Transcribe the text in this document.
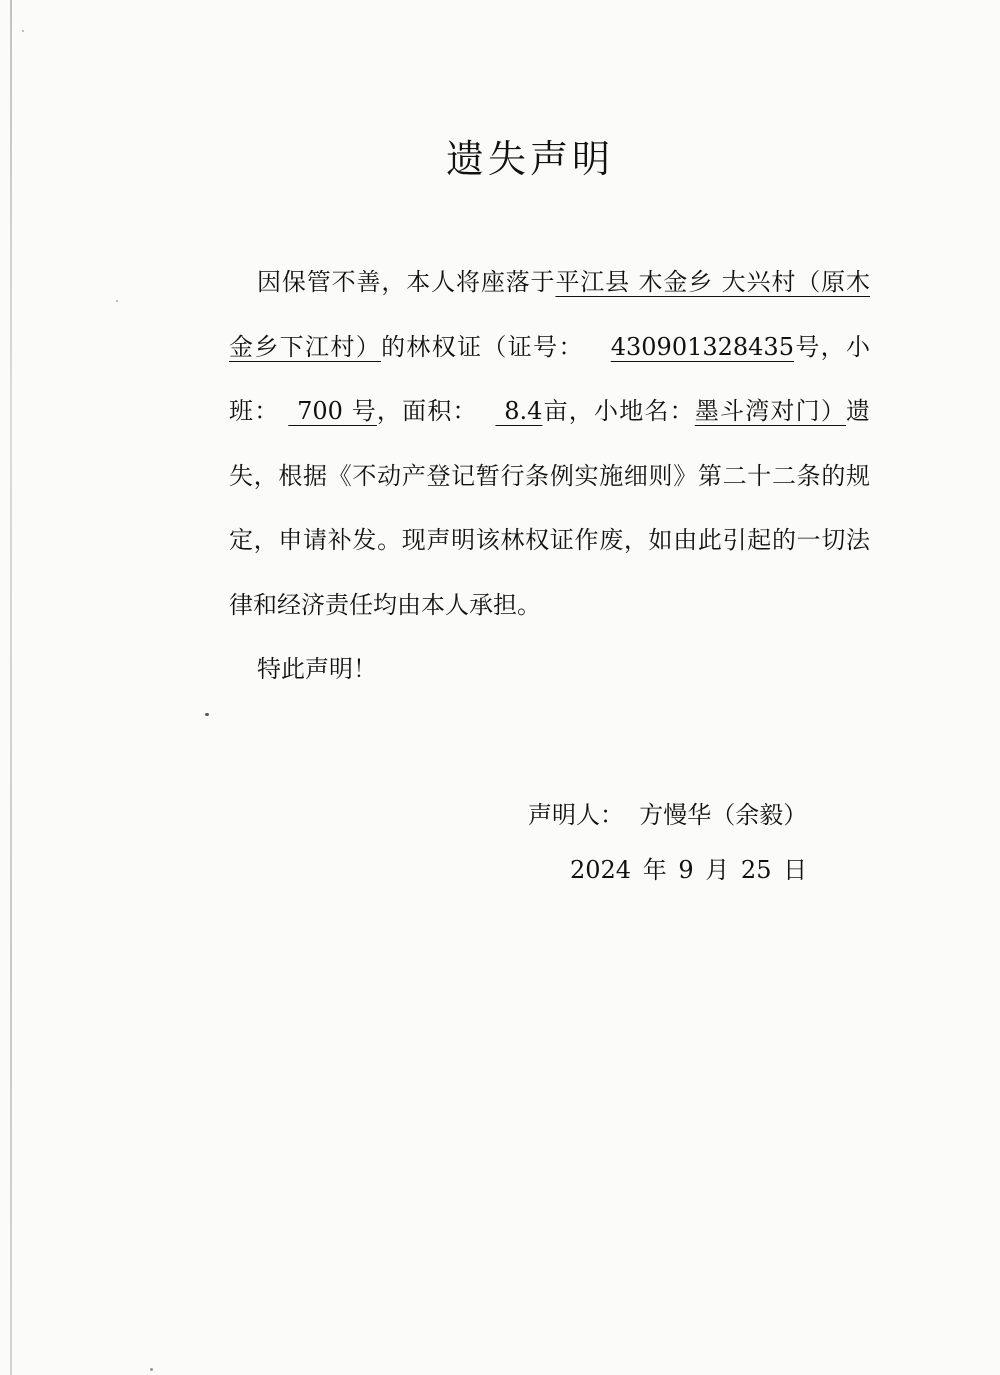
遗失声明

因保管不善，本人将座落于平江县 木金乡 大兴村（原木金乡下江村）的林权证（证号： 430901328435号，小班：  700 号，面积：   8.4亩，小地名：墨斗湾对门）遗失，根据《不动产登记暂行条例实施细则》第二十二条的规定，申请补发。现声明该林权证作废，如由此引起的一切法律和经济责任均由本人承担。

特此声明！

声明人： 方慢华（余毅）
2024 年 9 月 25 日
